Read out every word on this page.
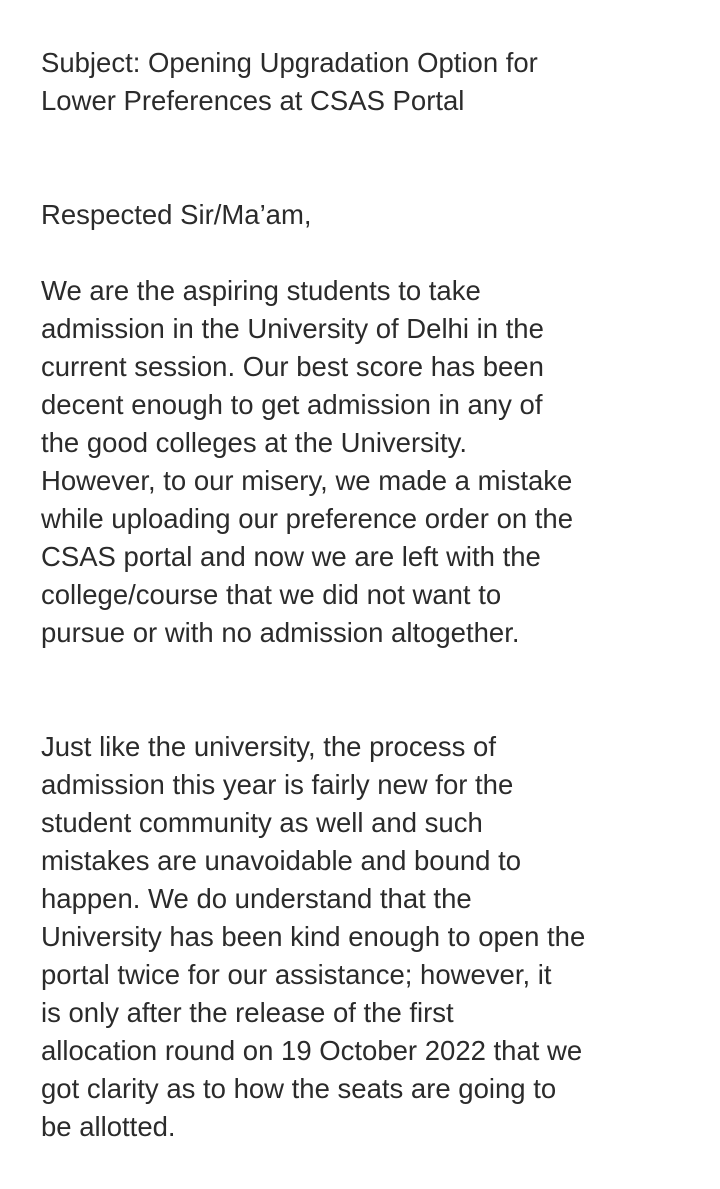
Subject: Opening Upgradation Option for
Lower Preferences at CSAS Portal
Respected Sir/Ma’am,
We are the aspiring students to take
admission in the University of Delhi in the
current session. Our best score has been
decent enough to get admission in any of
the good colleges at the University.
However, to our misery, we made a mistake
while uploading our preference order on the
CSAS portal and now we are left with the
college/course that we did not want to
pursue or with no admission altogether.
Just like the university, the process of
admission this year is fairly new for the
student community as well and such
mistakes are unavoidable and bound to
happen. We do understand that the
University has been kind enough to open the
portal twice for our assistance; however, it
is only after the release of the first
allocation round on 19 October 2022 that we
got clarity as to how the seats are going to
be allotted.
